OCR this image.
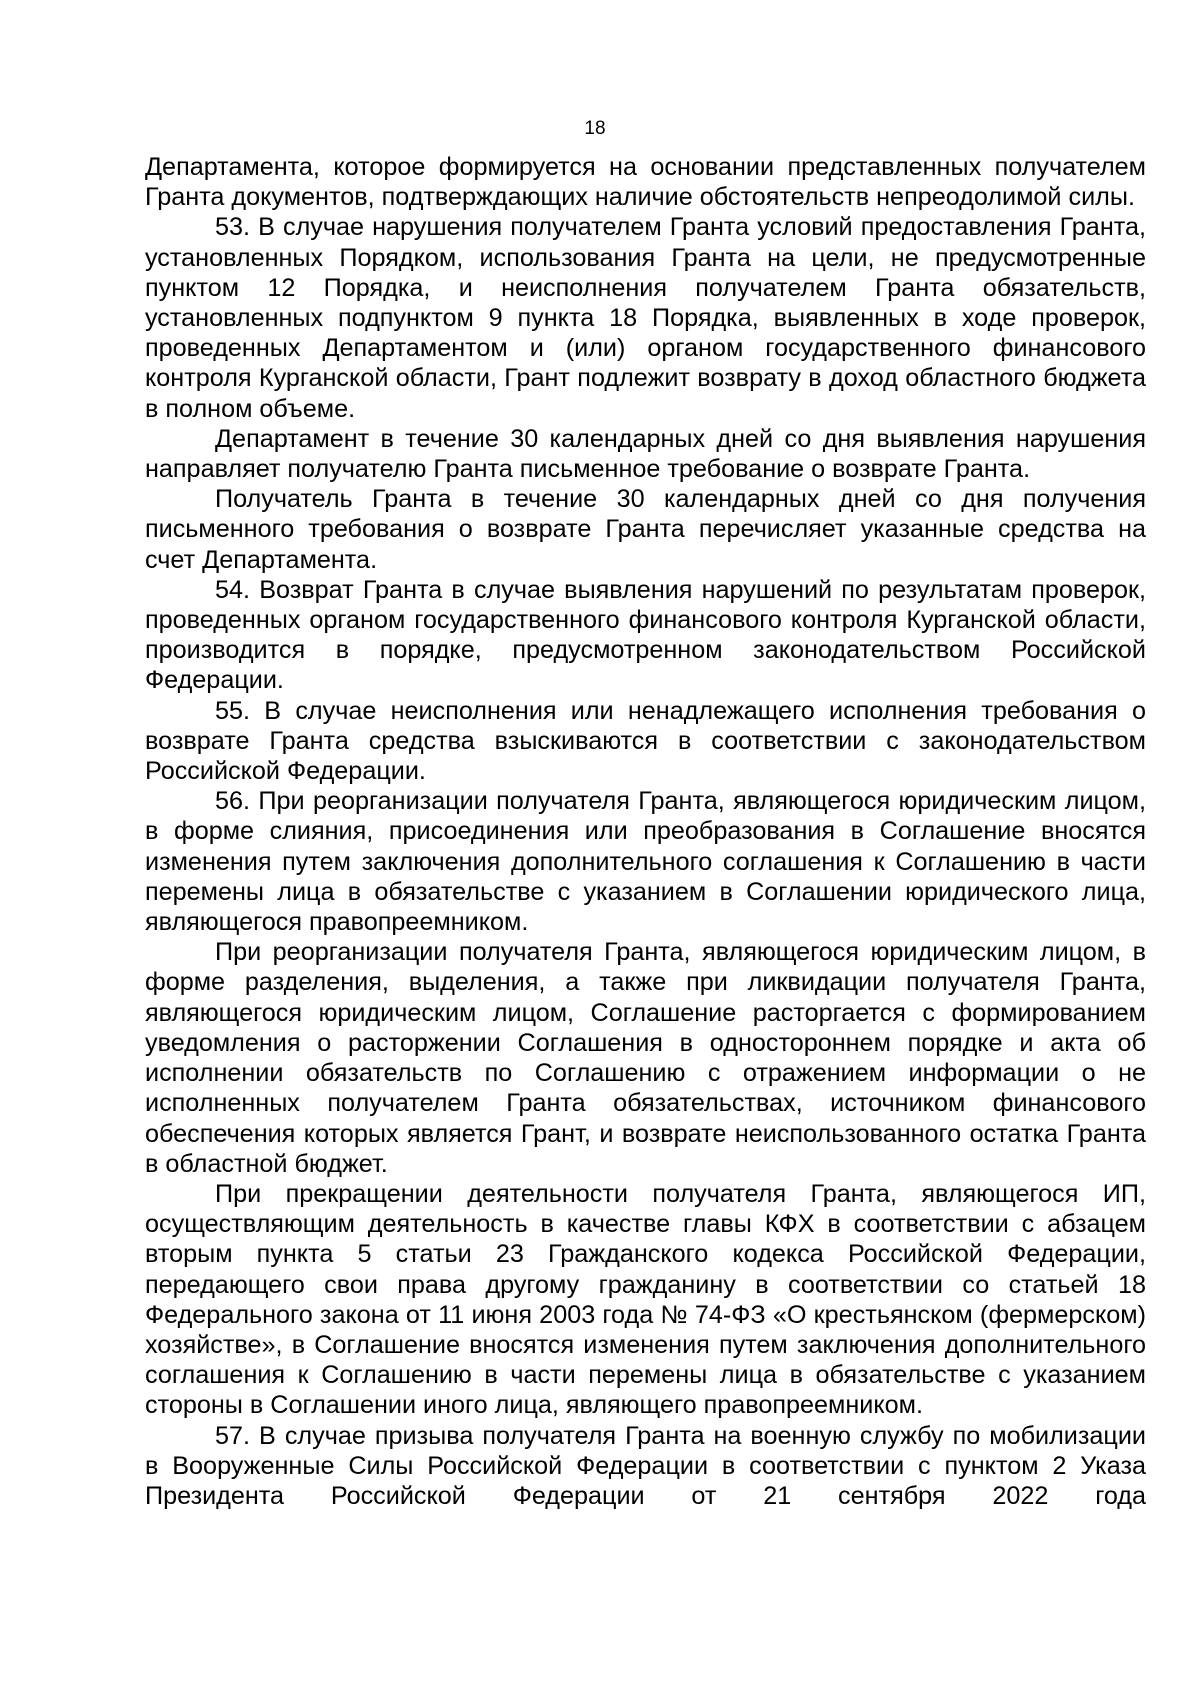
18

Департамента, которое формируется на основании представленных получателем Гранта документов, подтверждающих наличие обстоятельств непреодолимой силы.

53. В случае нарушения получателем Гранта условий предоставления Гранта, установленных Порядком, использования Гранта на цели, не предусмотренные пунктом 12 Порядка, и неисполнения получателем Гранта обязательств, установленных подпунктом 9 пункта 18 Порядка, выявленных в ходе проверок, проведенных Департаментом и (или) органом государственного финансового контроля Курганской области, Грант подлежит возврату в доход областного бюджета в полном объеме.

Департамент в течение 30 календарных дней со дня выявления нарушения направляет получателю Гранта письменное требование о возврате Гранта.

Получатель Гранта в течение 30 календарных дней со дня получения письменного требования о возврате Гранта перечисляет указанные средства на счет Департамента.

54. Возврат Гранта в случае выявления нарушений по результатам проверок, проведенных органом государственного финансового контроля Курганской области, производится в порядке, предусмотренном законодательством Российской Федерации.

55. В случае неисполнения или ненадлежащего исполнения требования о возврате Гранта средства взыскиваются в соответствии с законодательством Российской Федерации.

56. При реорганизации получателя Гранта, являющегося юридическим лицом, в форме слияния, присоединения или преобразования в Соглашение вносятся изменения путем заключения дополнительного соглашения к Соглашению в части перемены лица в обязательстве с указанием в Соглашении юридического лица, являющегося правопреемником.

При реорганизации получателя Гранта, являющегося юридическим лицом, в форме разделения, выделения, а также при ликвидации получателя Гранта, являющегося юридическим лицом, Соглашение расторгается с формированием уведомления о расторжении Соглашения в одностороннем порядке и акта об исполнении обязательств по Соглашению с отражением информации о не исполненных получателем Гранта обязательствах, источником финансового обеспечения которых является Грант, и возврате неиспользованного остатка Гранта в областной бюджет.

При прекращении деятельности получателя Гранта, являющегося ИП, осуществляющим деятельность в качестве главы КФХ в соответствии с абзацем вторым пункта 5 статьи 23 Гражданского кодекса Российской Федерации, передающего свои права другому гражданину в соответствии со статьей 18 Федерального закона от 11 июня 2003 года № 74-ФЗ «О крестьянском (фермерском) хозяйстве», в Соглашение вносятся изменения путем заключения дополнительного соглашения к Соглашению в части перемены лица в обязательстве с указанием стороны в Соглашении иного лица, являющего правопреемником.

57. В случае призыва получателя Гранта на военную службу по мобилизации в Вооруженные Силы Российской Федерации в соответствии с пунктом 2 Указа Президента Российской Федерации от 21 сентября 2022 года
